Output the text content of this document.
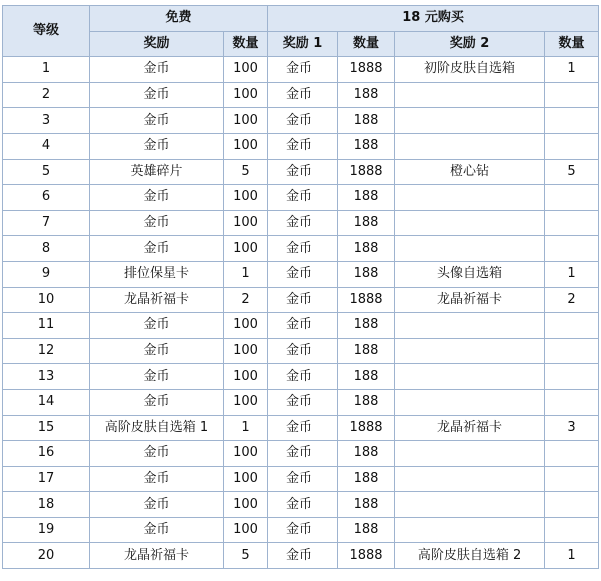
等级	免费		18 元购买			
	奖励	数量	奖励 1	数量	奖励 2	数量
1	金币	100	金币	1888	初阶皮肤自选箱	1
2	金币	100	金币	188		
3	金币	100	金币	188		
4	金币	100	金币	188		
5	英雄碎片	5	金币	1888	橙心钻	5
6	金币	100	金币	188		
7	金币	100	金币	188		
8	金币	100	金币	188		
9	排位保星卡	1	金币	188	头像自选箱	1
10	龙晶祈福卡	2	金币	1888	龙晶祈福卡	2
11	金币	100	金币	188		
12	金币	100	金币	188		
13	金币	100	金币	188		
14	金币	100	金币	188		
15	高阶皮肤自选箱 1	1	金币	1888	龙晶祈福卡	3
16	金币	100	金币	188		
17	金币	100	金币	188		
18	金币	100	金币	188		
19	金币	100	金币	188		
20	龙晶祈福卡	5	金币	1888	高阶皮肤自选箱 2	1
